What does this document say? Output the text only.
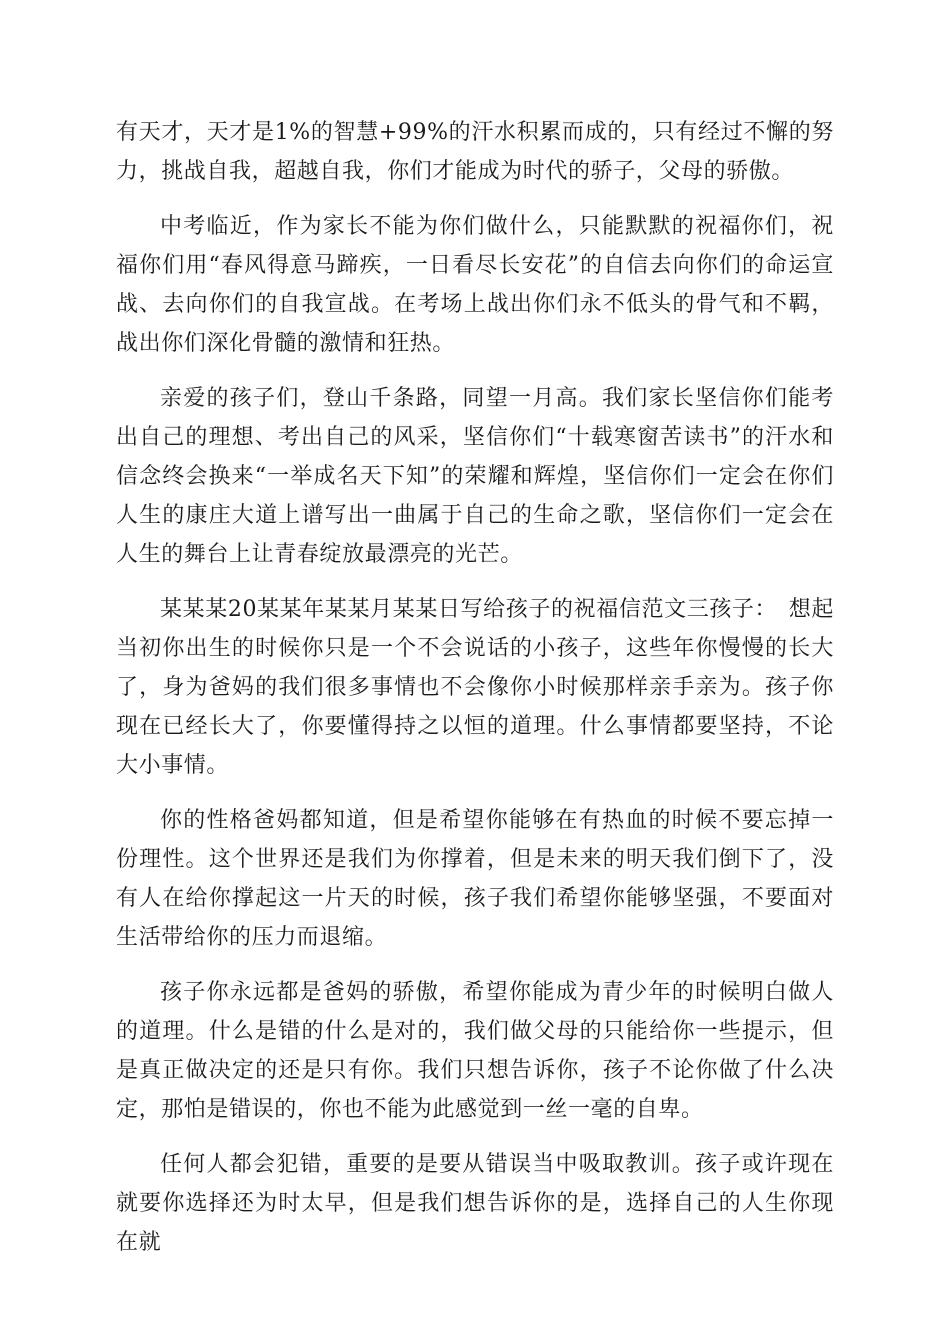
有天才，天才是1%的智慧+99%的汗水积累而成的，只有经过不懈的努力，挑战自我，超越自我，你们才能成为时代的骄子，父母的骄傲。

中考临近，作为家长不能为你们做什么，只能默默的祝福你们，祝福你们用“春风得意马蹄疾，一日看尽长安花”的自信去向你们的命运宣战、去向你们的自我宣战。在考场上战出你们永不低头的骨气和不羁，战出你们深化骨髓的激情和狂热。

亲爱的孩子们，登山千条路，同望一月高。我们家长坚信你们能考出自己的理想、考出自己的风采，坚信你们“十载寒窗苦读书”的汗水和信念终会换来“一举成名天下知”的荣耀和辉煌，坚信你们一定会在你们人生的康庄大道上谱写出一曲属于自己的生命之歌，坚信你们一定会在人生的舞台上让青春绽放最漂亮的光芒。

某某某20某某年某某月某某日写给孩子的祝福信范文三孩子：　想起当初你出生的时候你只是一个不会说话的小孩子，这些年你慢慢的长大了，身为爸妈的我们很多事情也不会像你小时候那样亲手亲为。孩子你现在已经长大了，你要懂得持之以恒的道理。什么事情都要坚持，不论大小事情。

你的性格爸妈都知道，但是希望你能够在有热血的时候不要忘掉一份理性。这个世界还是我们为你撑着，但是未来的明天我们倒下了，没有人在给你撑起这一片天的时候，孩子我们希望你能够坚强，不要面对生活带给你的压力而退缩。

孩子你永远都是爸妈的骄傲，希望你能成为青少年的时候明白做人的道理。什么是错的什么是对的，我们做父母的只能给你一些提示，但是真正做决定的还是只有你。我们只想告诉你，孩子不论你做了什么决定，那怕是错误的，你也不能为此感觉到一丝一毫的自卑。

任何人都会犯错，重要的是要从错误当中吸取教训。孩子或许现在就要你选择还为时太早，但是我们想告诉你的是，选择自己的人生你现在就
